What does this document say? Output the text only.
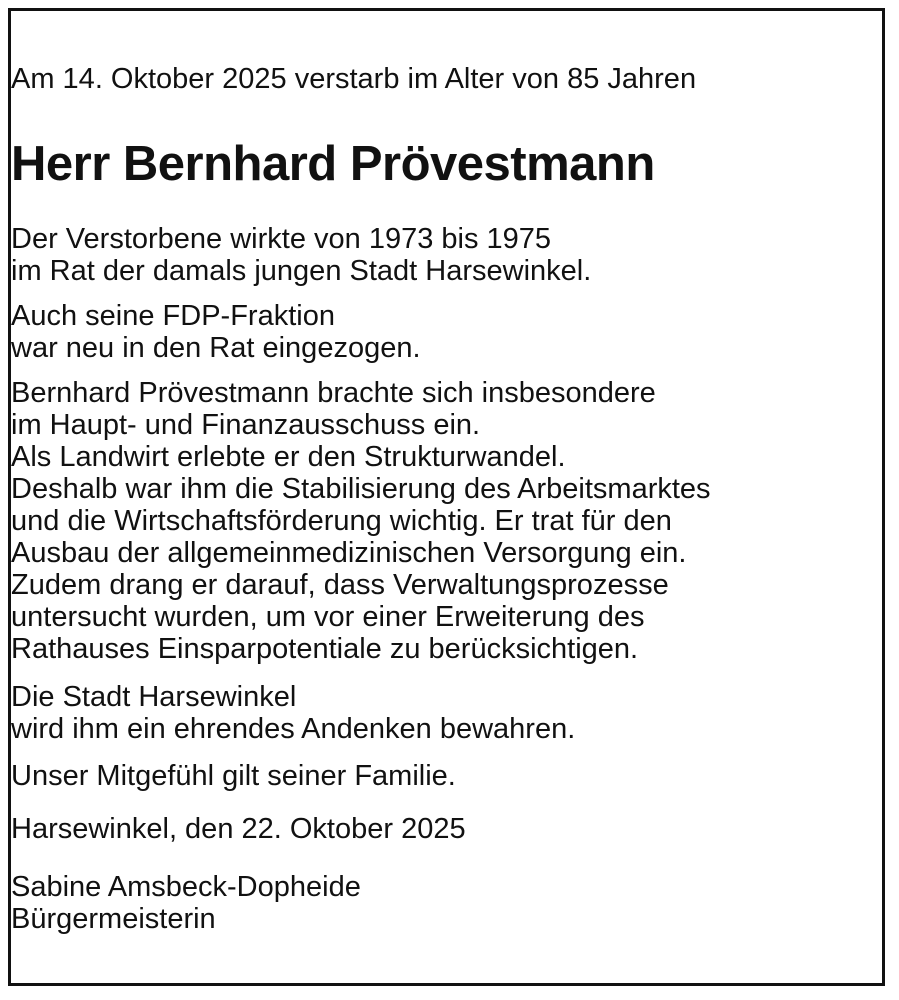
Am 14. Oktober 2025 verstarb im Alter von 85 Jahren
Herr Bernhard Prövestmann
Der Verstorbene wirkte von 1973 bis 1975
im Rat der damals jungen Stadt Harsewinkel.
Auch seine FDP-Fraktion
war neu in den Rat eingezogen.
Bernhard Prövestmann brachte sich insbesondere
im Haupt- und Finanzausschuss ein.
Als Landwirt erlebte er den Strukturwandel.
Deshalb war ihm die Stabilisierung des Arbeitsmarktes
und die Wirtschaftsförderung wichtig. Er trat für den
Ausbau der allgemeinmedizinischen Versorgung ein.
Zudem drang er darauf, dass Verwaltungsprozesse
untersucht wurden, um vor einer Erweiterung des
Rathauses Einsparpotentiale zu berücksichtigen.
Die Stadt Harsewinkel
wird ihm ein ehrendes Andenken bewahren.
Unser Mitgefühl gilt seiner Familie.
Harsewinkel, den 22. Oktober 2025
Sabine Amsbeck-Dopheide
Bürgermeisterin
